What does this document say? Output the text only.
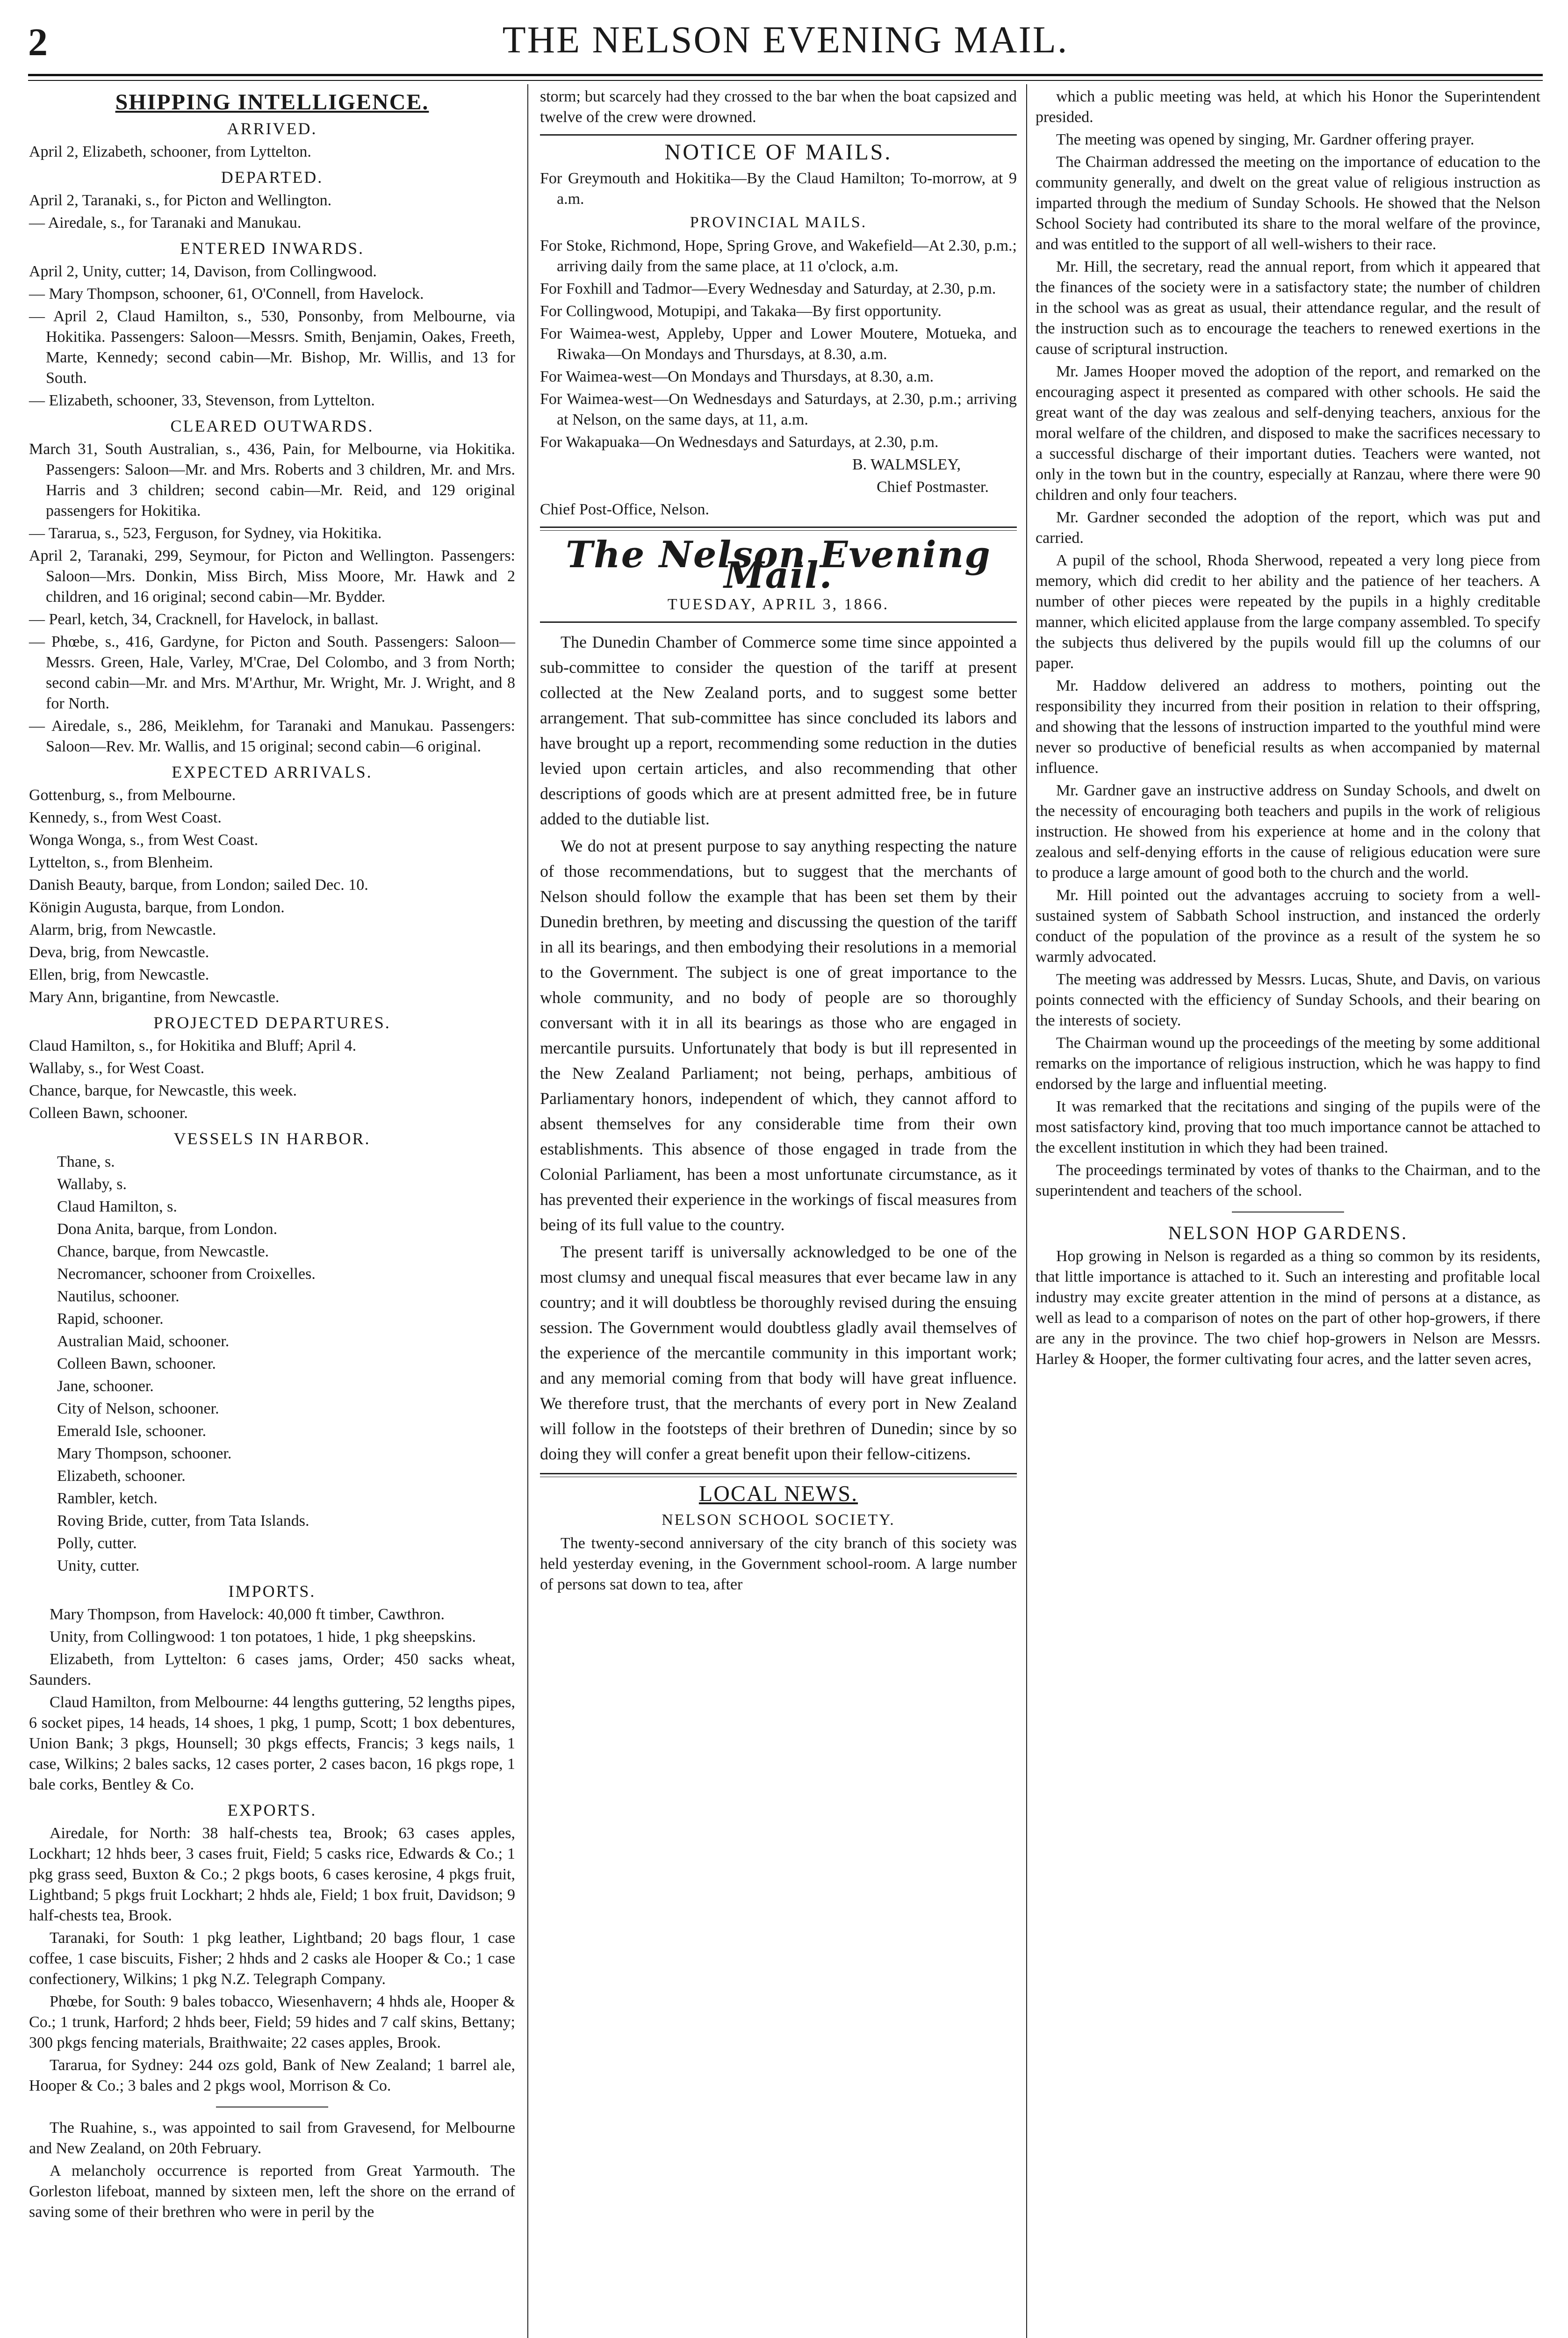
2	THE NELSON EVENING MAIL.
SHIPPING INTELLIGENCE.
ARRIVED.

April 2, Elizabeth, schooner, from Lyttelton.

DEPARTED.

April 2, Taranaki, s., for Picton and Wellington.

— Airedale, s., for Taranaki and Manukau.

ENTERED INWARDS.

April 2, Unity, cutter; 14, Davison, from Collingwood.

— Mary Thompson, schooner, 61, O'Connell, from Havelock.

— April 2, Claud Hamilton, s., 530, Ponsonby, from Melbourne, via Hokitika. Passengers: Saloon—Messrs. Smith, Benjamin, Oakes, Freeth, Marte, Kennedy; second cabin—Mr. Bishop, Mr. Willis, and 13 for South.

— Elizabeth, schooner, 33, Stevenson, from Lyttelton.

CLEARED OUTWARDS.

March 31, South Australian, s., 436, Pain, for Melbourne, via Hokitika. Passengers: Saloon—Mr. and Mrs. Roberts and 3 children, Mr. and Mrs. Harris and 3 children; second cabin—Mr. Reid, and 129 original passengers for Hokitika.

— Tararua, s., 523, Ferguson, for Sydney, via Hokitika.

April 2, Taranaki, 299, Seymour, for Picton and Wellington. Passengers: Saloon—Mrs. Donkin, Miss Birch, Miss Moore, Mr. Hawk and 2 children, and 16 original; second cabin—Mr. Bydder.

— Pearl, ketch, 34, Cracknell, for Havelock, in ballast.

— Phœbe, s., 416, Gardyne, for Picton and South. Passengers: Saloon—Messrs. Green, Hale, Varley, M'Crae, Del Colombo, and 3 from North; second cabin—Mr. and Mrs. M'Arthur, Mr. Wright, Mr. J. Wright, and 8 for North.

— Airedale, s., 286, Meiklehm, for Taranaki and Manukau. Passengers: Saloon—Rev. Mr. Wallis, and 15 original; second cabin—6 original.

EXPECTED ARRIVALS.

Gottenburg, s., from Melbourne.

Kennedy, s., from West Coast.

Wonga Wonga, s., from West Coast.

Lyttelton, s., from Blenheim.

Danish Beauty, barque, from London; sailed Dec. 10.

Königin Augusta, barque, from London.

Alarm, brig, from Newcastle.

Deva, brig, from Newcastle.

Ellen, brig, from Newcastle.

Mary Ann, brigantine, from Newcastle.

PROJECTED DEPARTURES.

Claud Hamilton, s., for Hokitika and Bluff; April 4.

Wallaby, s., for West Coast.

Chance, barque, for Newcastle, this week.

Colleen Bawn, schooner.

VESSELS IN HARBOR.

Thane, s.

Wallaby, s.

Claud Hamilton, s.

Dona Anita, barque, from London.

Chance, barque, from Newcastle.

Necromancer, schooner from Croixelles.

Nautilus, schooner.

Rapid, schooner.

Australian Maid, schooner.

Colleen Bawn, schooner.

Jane, schooner.

City of Nelson, schooner.

Emerald Isle, schooner.

Mary Thompson, schooner.

Elizabeth, schooner.

Rambler, ketch.

Roving Bride, cutter, from Tata Islands.

Polly, cutter.

Unity, cutter.

IMPORTS.

Mary Thompson, from Havelock: 40,000 ft timber, Cawthron.

Unity, from Collingwood: 1 ton potatoes, 1 hide, 1 pkg sheepskins.

Elizabeth, from Lyttelton: 6 cases jams, Order; 450 sacks wheat, Saunders.

Claud Hamilton, from Melbourne: 44 lengths guttering, 52 lengths pipes, 6 socket pipes, 14 heads, 14 shoes, 1 pkg, 1 pump, Scott; 1 box debentures, Union Bank; 3 pkgs, Hounsell; 30 pkgs effects, Francis; 3 kegs nails, 1 case, Wilkins; 2 bales sacks, 12 cases porter, 2 cases bacon, 16 pkgs rope, 1 bale corks, Bentley & Co.

EXPORTS.

Airedale, for North: 38 half-chests tea, Brook; 63 cases apples, Lockhart; 12 hhds beer, 3 cases fruit, Field; 5 casks rice, Edwards & Co.; 1 pkg grass seed, Buxton & Co.; 2 pkgs boots, 6 cases kerosine, 4 pkgs fruit, Lightband; 5 pkgs fruit Lockhart; 2 hhds ale, Field; 1 box fruit, Davidson; 9 half-chests tea, Brook.

Taranaki, for South: 1 pkg leather, Lightband; 20 bags flour, 1 case coffee, 1 case biscuits, Fisher; 2 hhds and 2 casks ale Hooper & Co.; 1 case confectionery, Wilkins; 1 pkg N.Z. Telegraph Company.

Phœbe, for South: 9 bales tobacco, Wiesenhavern; 4 hhds ale, Hooper & Co.; 1 trunk, Harford; 2 hhds beer, Field; 59 hides and 7 calf skins, Bettany; 300 pkgs fencing materials, Braithwaite; 22 cases apples, Brook.

Tararua, for Sydney: 244 ozs gold, Bank of New Zealand; 1 barrel ale, Hooper & Co.; 3 bales and 2 pkgs wool, Morrison & Co.

The Ruahine, s., was appointed to sail from Gravesend, for Melbourne and New Zealand, on 20th February.

A melancholy occurrence is reported from Great Yarmouth. The Gorleston lifeboat, manned by sixteen men, left the shore on the errand of saving some of their brethren who were in peril by the

storm; but scarcely had they crossed to the bar when the boat capsized and twelve of the crew were drowned.

NOTICE OF MAILS.

For Greymouth and Hokitika—By the Claud Hamilton; To-morrow, at 9 a.m.

PROVINCIAL MAILS.

For Stoke, Richmond, Hope, Spring Grove, and Wakefield—At 2.30, p.m.; arriving daily from the same place, at 11 o'clock, a.m.

For Foxhill and Tadmor—Every Wednesday and Saturday, at 2.30, p.m.

For Collingwood, Motupipi, and Takaka—By first opportunity.

For Waimea-west, Appleby, Upper and Lower Moutere, Motueka, and Riwaka—On Mondays and Thursdays, at 8.30, a.m.

For Waimea-west—On Mondays and Thursdays, at 8.30, a.m.

For Waimea-west—On Wednesdays and Saturdays, at 2.30, p.m.; arriving at Nelson, on the same days, at 11, a.m.

For Wakapuaka—On Wednesdays and Saturdays, at 2.30, p.m.

B. WALMSLEY,

Chief Postmaster.

Chief Post-Office, Nelson.

The Nelson Evening Mail.
TUESDAY, APRIL 3, 1866.

The Dunedin Chamber of Commerce some time since appointed a sub-committee to consider the question of the tariff at present collected at the New Zealand ports, and to suggest some better arrangement. That sub-committee has since concluded its labors and have brought up a report, recommending some reduction in the duties levied upon certain articles, and also recommending that other descriptions of goods which are at present admitted free, be in future added to the dutiable list.

We do not at present purpose to say anything respecting the nature of those recommendations, but to suggest that the merchants of Nelson should follow the example that has been set them by their Dunedin brethren, by meeting and discussing the question of the tariff in all its bearings, and then embodying their resolutions in a memorial to the Government. The subject is one of great importance to the whole community, and no body of people are so thoroughly conversant with it in all its bearings as those who are engaged in mercantile pursuits. Unfortunately that body is but ill represented in the New Zealand Parliament; not being, perhaps, ambitious of Parliamentary honors, independent of which, they cannot afford to absent themselves for any considerable time from their own establishments. This absence of those engaged in trade from the Colonial Parliament, has been a most unfortunate circumstance, as it has prevented their experience in the workings of fiscal measures from being of its full value to the country.

The present tariff is universally acknowledged to be one of the most clumsy and unequal fiscal measures that ever became law in any country; and it will doubtless be thoroughly revised during the ensuing session. The Government would doubtless gladly avail themselves of the experience of the mercantile community in this important work; and any memorial coming from that body will have great influence. We therefore trust, that the merchants of every port in New Zealand will follow in the footsteps of their brethren of Dunedin; since by so doing they will confer a great benefit upon their fellow-citizens.

LOCAL NEWS.
NELSON SCHOOL SOCIETY.

The twenty-second anniversary of the city branch of this society was held yesterday evening, in the Government school-room. A large number of persons sat down to tea, after

which a public meeting was held, at which his Honor the Superintendent presided.

The meeting was opened by singing, Mr. Gardner offering prayer.

The Chairman addressed the meeting on the importance of education to the community generally, and dwelt on the great value of religious instruction as imparted through the medium of Sunday Schools. He showed that the Nelson School Society had contributed its share to the moral welfare of the province, and was entitled to the support of all well-wishers to their race.

Mr. Hill, the secretary, read the annual report, from which it appeared that the finances of the society were in a satisfactory state; the number of children in the school was as great as usual, their attendance regular, and the result of the instruction such as to encourage the teachers to renewed exertions in the cause of scriptural instruction.

Mr. James Hooper moved the adoption of the report, and remarked on the encouraging aspect it presented as compared with other schools. He said the great want of the day was zealous and self-denying teachers, anxious for the moral welfare of the children, and disposed to make the sacrifices necessary to a successful discharge of their important duties. Teachers were wanted, not only in the town but in the country, especially at Ranzau, where there were 90 children and only four teachers.

Mr. Gardner seconded the adoption of the report, which was put and carried.

A pupil of the school, Rhoda Sherwood, repeated a very long piece from memory, which did credit to her ability and the patience of her teachers. A number of other pieces were repeated by the pupils in a highly creditable manner, which elicited applause from the large company assembled. To specify the subjects thus delivered by the pupils would fill up the columns of our paper.

Mr. Haddow delivered an address to mothers, pointing out the responsibility they incurred from their position in relation to their offspring, and showing that the lessons of instruction imparted to the youthful mind were never so productive of beneficial results as when accompanied by maternal influence.

Mr. Gardner gave an instructive address on Sunday Schools, and dwelt on the necessity of encouraging both teachers and pupils in the work of religious instruction. He showed from his experience at home and in the colony that zealous and self-denying efforts in the cause of religious education were sure to produce a large amount of good both to the church and the world.

Mr. Hill pointed out the advantages accruing to society from a well-sustained system of Sabbath School instruction, and instanced the orderly conduct of the population of the province as a result of the system he so warmly advocated.

The meeting was addressed by Messrs. Lucas, Shute, and Davis, on various points connected with the efficiency of Sunday Schools, and their bearing on the interests of society.

The Chairman wound up the proceedings of the meeting by some additional remarks on the importance of religious instruction, which he was happy to find endorsed by the large and influential meeting.

It was remarked that the recitations and singing of the pupils were of the most satisfactory kind, proving that too much importance cannot be attached to the excellent institution in which they had been trained.

The proceedings terminated by votes of thanks to the Chairman, and to the superintendent and teachers of the school.

NELSON HOP GARDENS.

Hop growing in Nelson is regarded as a thing so common by its residents, that little importance is attached to it. Such an interesting and profitable local industry may excite greater attention in the mind of persons at a distance, as well as lead to a comparison of notes on the part of other hop-growers, if there are any in the province. The two chief hop-growers in Nelson are Messrs. Harley & Hooper, the former cultivating four acres, and the latter seven acres,
